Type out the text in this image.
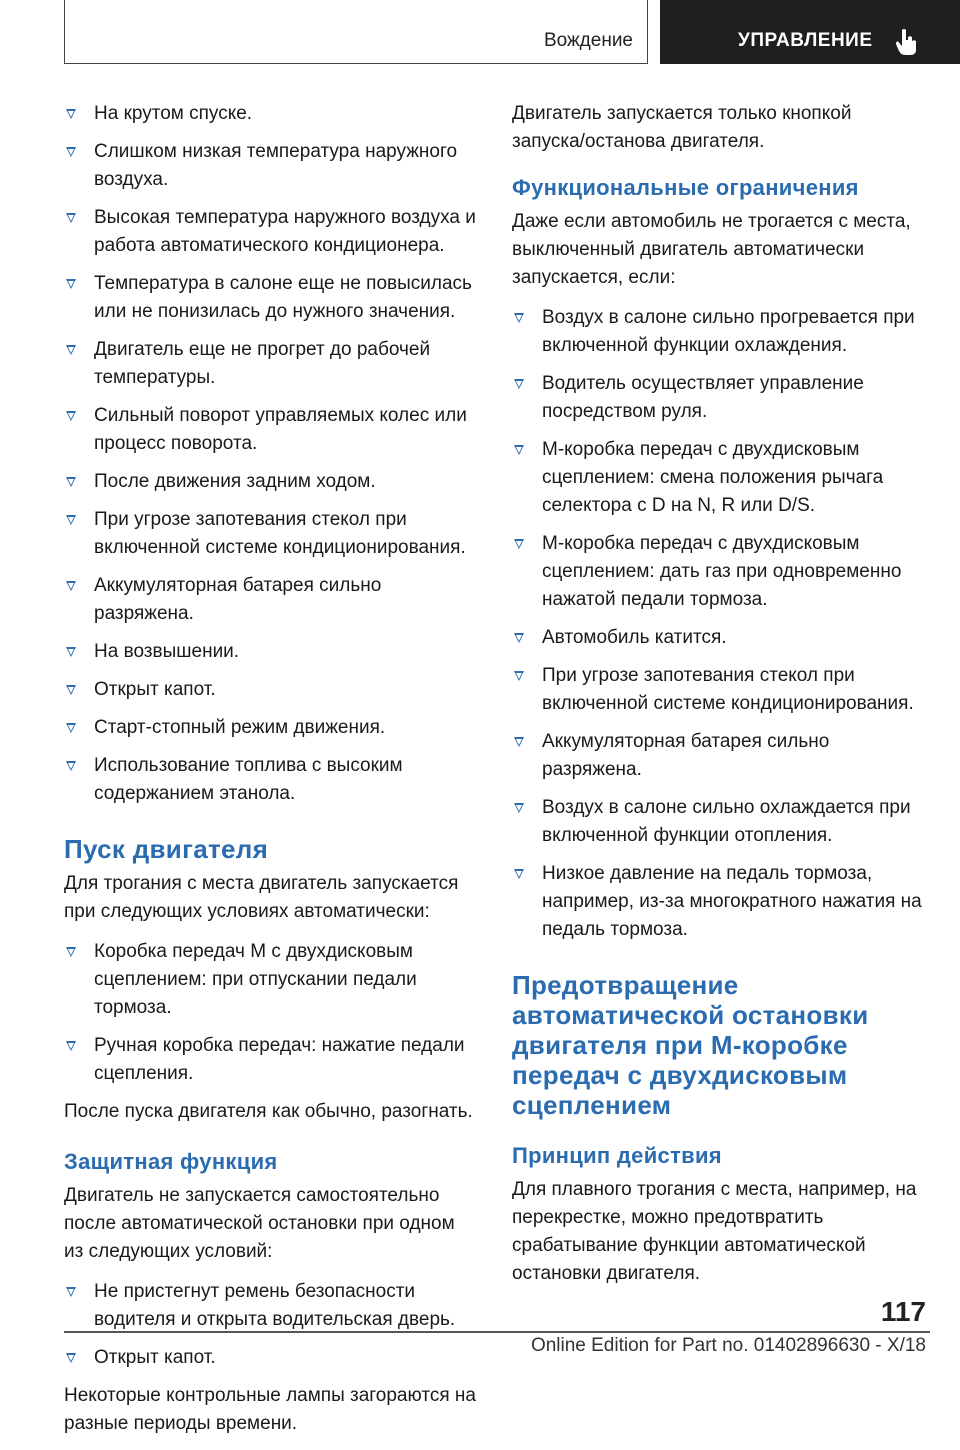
Вождение	УПРАВЛЕНИЕ
На крутом спуске.
Слишком низкая температура наружного воздуха.
Высокая температура наружного воздуха и работа автоматического кондиционера.
Температура в салоне еще не повысилась или не понизилась до нужного значения.
Двигатель еще не прогрет до рабочей температуры.
Сильный поворот управляемых колес или процесс поворота.
После движения задним ходом.
При угрозе запотевания стекол при включенной системе кондиционирования.
Аккумуляторная батарея сильно разряжена.
На возвышении.
Открыт капот.
Старт-стопный режим движения.
Использование топлива с высоким содержанием этанола.
Пуск двигателя
Для трогания с места двигатель запускается при следующих условиях автоматически:
Коробка передач M с двухдисковым сцеплением: при отпускании педали тормоза.
Ручная коробка передач: нажатие педали сцепления.
После пуска двигателя как обычно, разогнать.
Защитная функция
Двигатель не запускается самостоятельно после автоматической остановки при одном из следующих условий:
Не пристегнут ремень безопасности водителя и открыта водительская дверь.
Открыт капот.
Некоторые контрольные лампы загораются на разные периоды времени.
Двигатель запускается только кнопкой запуска/останова двигателя.
Функциональные ограничения
Даже если автомобиль не трогается с места, выключенный двигатель автоматически запускается, если:
Воздух в салоне сильно прогревается при включенной функции охлаждения.
Водитель осуществляет управление посредством руля.
M-коробка передач с двухдисковым сцеплением: смена положения рычага селектора с D на N, R или D/S.
M-коробка передач с двухдисковым сцеплением: дать газ при одновременно нажатой педали тормоза.
Автомобиль катится.
При угрозе запотевания стекол при включенной системе кондиционирования.
Аккумуляторная батарея сильно разряжена.
Воздух в салоне сильно охлаждается при включенной функции отопления.
Низкое давление на педаль тормоза, например, из-за многократного нажатия на педаль тормоза.
Предотвращение автоматической остановки двигателя при M-коробке передач с двухдисковым сцеплением
Принцип действия
Для плавного трогания с места, например, на перекрестке, можно предотвратить срабатывание функции автоматической остановки двигателя.
117
Online Edition for Part no. 01402896630 - X/18
